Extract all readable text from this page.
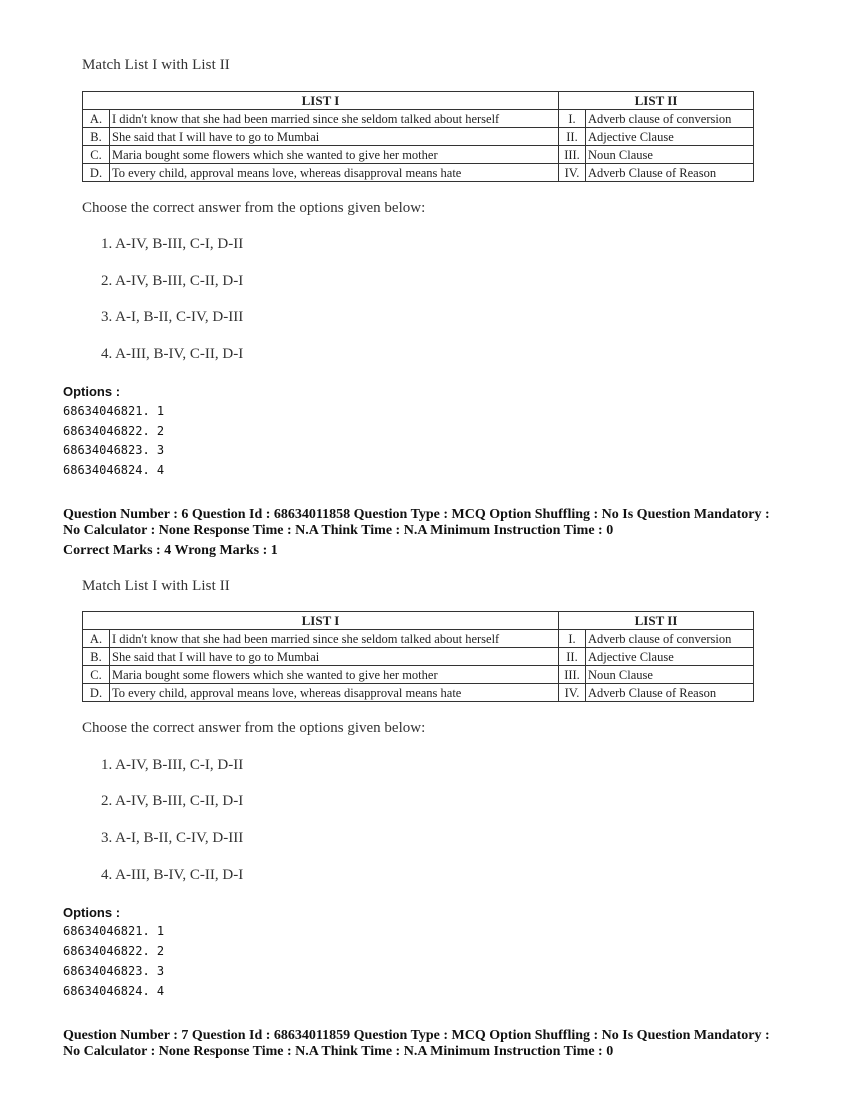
Match List I with List II
LIST I		LIST II	
A.	I didn't know that she had been married since she seldom talked about herself	I.	Adverb clause of conversion
B.	She said that I will have to go to Mumbai	II.	Adjective Clause
C.	Maria bought some flowers which she wanted to give her mother	III.	Noun Clause
D.	To every child, approval means love, whereas disapproval means hate	IV.	Adverb Clause of Reason
Choose the correct answer from the options given below:
1. A-IV, B-III, C-I, D-II
2. A-IV, B-III, C-II, D-I
3. A-I, B-II, C-IV, D-III
4. A-III, B-IV, C-II, D-I
Options :
68634046821. 1
68634046822. 2
68634046823. 3
68634046824. 4
Question Number : 6 Question Id : 68634011858 Question Type : MCQ Option Shuffling : No Is Question Mandatory :
No Calculator : None Response Time : N.A Think Time : N.A Minimum Instruction Time : 0
Correct Marks : 4 Wrong Marks : 1
Match List I with List II
LIST I		LIST II	
A.	I didn't know that she had been married since she seldom talked about herself	I.	Adverb clause of conversion
B.	She said that I will have to go to Mumbai	II.	Adjective Clause
C.	Maria bought some flowers which she wanted to give her mother	III.	Noun Clause
D.	To every child, approval means love, whereas disapproval means hate	IV.	Adverb Clause of Reason
Choose the correct answer from the options given below:
1. A-IV, B-III, C-I, D-II
2. A-IV, B-III, C-II, D-I
3. A-I, B-II, C-IV, D-III
4. A-III, B-IV, C-II, D-I
Options :
68634046821. 1
68634046822. 2
68634046823. 3
68634046824. 4
Question Number : 7 Question Id : 68634011859 Question Type : MCQ Option Shuffling : No Is Question Mandatory :
No Calculator : None Response Time : N.A Think Time : N.A Minimum Instruction Time : 0
